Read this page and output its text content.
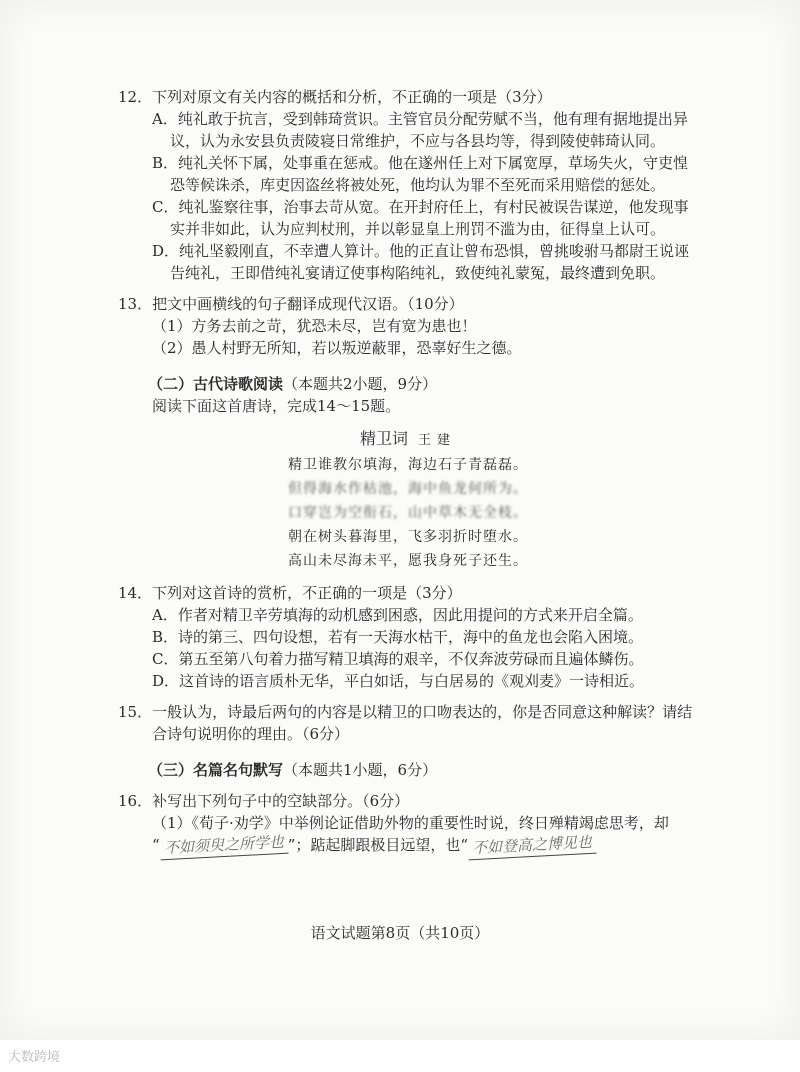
12．下列对原文有关内容的概括和分析，不正确的一项是（3分）
A．纯礼敢于抗言，受到韩琦赏识。主管官员分配劳赋不当，他有理有据地提出异
议，认为永安县负责陵寝日常维护，不应与各县均等，得到陵使韩琦认同。
B．纯礼关怀下属，处事重在惩戒。他在遂州任上对下属宽厚，草场失火，守吏惶
恐等候诛杀，库吏因盗丝将被处死，他均认为罪不至死而采用赔偿的惩处。
C．纯礼鉴察往事，治事去苛从宽。在开封府任上，有村民被误告谋逆，他发现事
实并非如此，认为应判杖刑，并以彰显皇上刑罚不滥为由，征得皇上认可。
D．纯礼坚毅刚直，不幸遭人算计。他的正直让曾布恐惧，曾挑唆驸马都尉王说诬
告纯礼，王即借纯礼宴请辽使事构陷纯礼，致使纯礼蒙冤，最终遭到免职。
13．把文中画横线的句子翻译成现代汉语。（10分）
（1）方务去前之苛，犹恐未尽，岂有宽为患也！
（2）愚人村野无所知，若以叛逆蔽罪，恐辜好生之德。
（二）古代诗歌阅读（本题共2小题，9分）
阅读下面这首唐诗，完成14～15题。
精卫词 王建
精卫谁教尔填海，海边石子青磊磊。
但得海水作枯池，海中鱼龙何所为。
口穿岂为空衔石，山中草木无全枝。
朝在树头暮海里，飞多羽折时堕水。
高山未尽海未平，愿我身死子还生。
14．下列对这首诗的赏析，不正确的一项是（3分）
A．作者对精卫辛劳填海的动机感到困惑，因此用提问的方式来开启全篇。
B．诗的第三、四句设想，若有一天海水枯干，海中的鱼龙也会陷入困境。
C．第五至第八句着力描写精卫填海的艰辛，不仅奔波劳碌而且遍体鳞伤。
D．这首诗的语言质朴无华，平白如话，与白居易的《观刈麦》一诗相近。
15．一般认为，诗最后两句的内容是以精卫的口吻表达的，你是否同意这种解读？请结
合诗句说明你的理由。（6分）
（三）名篇名句默写（本题共1小题，6分）
16．补写出下列句子中的空缺部分。（6分）
（1）《荀子·劝学》中举例论证借助外物的重要性时说，终日殚精竭虑思考，却
“ 不如须臾之所学也 ”；踮起脚跟极目远望，也“ 不如登高之博见也
语文试题第8页（共10页）
大数跨境
